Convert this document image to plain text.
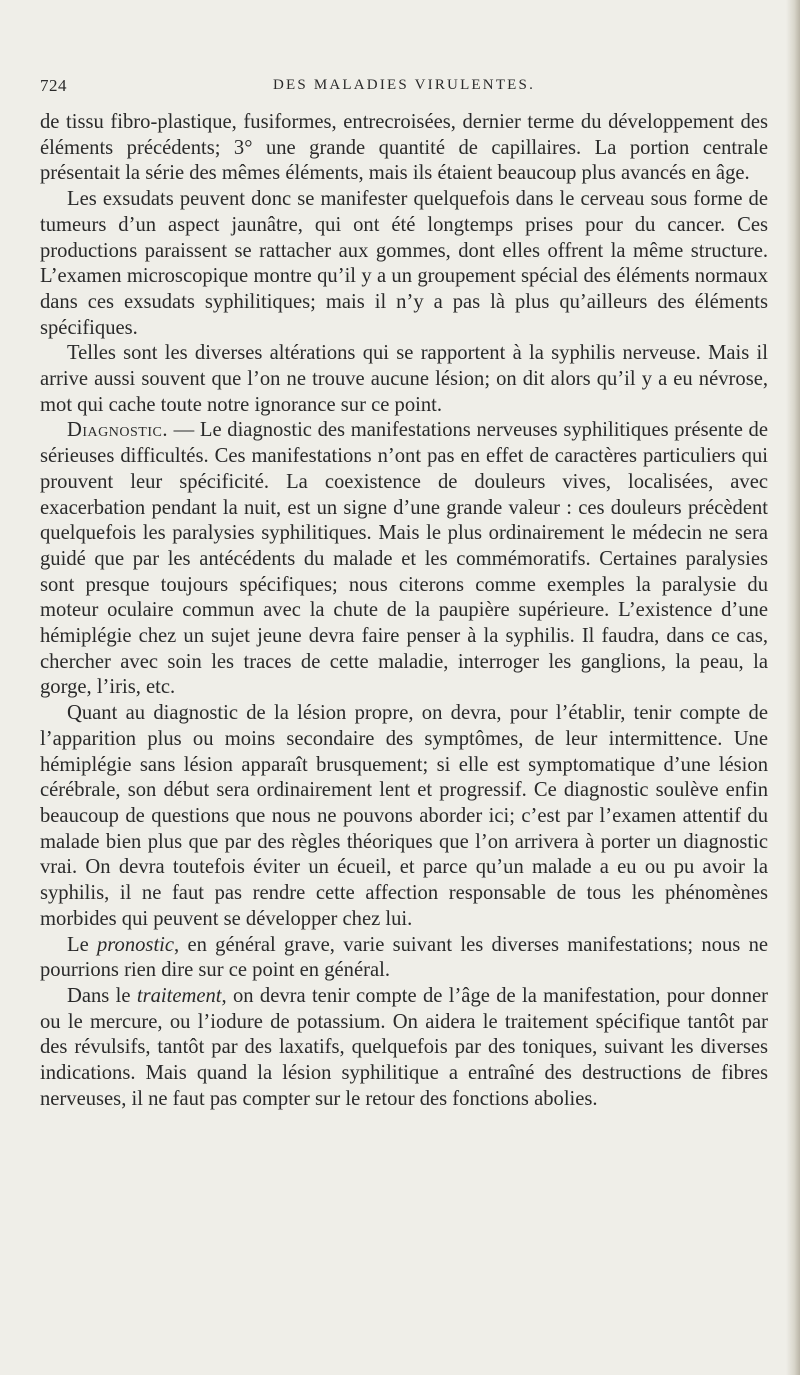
724	DES MALADIES VIRULENTES.

de tissu fibro-plastique, fusiformes, entrecroisées, dernier terme du développement des éléments précédents; 3° une grande quantité de capillaires. La portion centrale présentait la série des mêmes éléments, mais ils étaient beaucoup plus avancés en âge.

Les exsudats peuvent donc se manifester quelquefois dans le cerveau sous forme de tumeurs d’un aspect jaunâtre, qui ont été longtemps prises pour du cancer. Ces productions paraissent se rattacher aux gommes, dont elles offrent la même structure. L’examen microscopique montre qu’il y a un groupement spécial des éléments normaux dans ces exsudats syphilitiques; mais il n’y a pas là plus qu’ailleurs des éléments spécifiques.

Telles sont les diverses altérations qui se rapportent à la syphilis nerveuse. Mais il arrive aussi souvent que l’on ne trouve aucune lésion; on dit alors qu’il y a eu névrose, mot qui cache toute notre ignorance sur ce point.

Diagnostic. — Le diagnostic des manifestations nerveuses syphilitiques présente de sérieuses difficultés. Ces manifestations n’ont pas en effet de caractères particuliers qui prouvent leur spécificité. La coexistence de douleurs vives, localisées, avec exacerbation pendant la nuit, est un signe d’une grande valeur : ces douleurs précèdent quelquefois les paralysies syphilitiques. Mais le plus ordinairement le médecin ne sera guidé que par les antécédents du malade et les commémoratifs. Certaines paralysies sont presque toujours spécifiques; nous citerons comme exemples la paralysie du moteur oculaire commun avec la chute de la paupière supérieure. L’existence d’une hémiplégie chez un sujet jeune devra faire penser à la syphilis. Il faudra, dans ce cas, chercher avec soin les traces de cette maladie, interroger les ganglions, la peau, la gorge, l’iris, etc.

Quant au diagnostic de la lésion propre, on devra, pour l’établir, tenir compte de l’apparition plus ou moins secondaire des symptômes, de leur intermittence. Une hémiplégie sans lésion apparaît brusquement; si elle est symptomatique d’une lésion cérébrale, son début sera ordinairement lent et progressif. Ce diagnostic soulève enfin beaucoup de questions que nous ne pouvons aborder ici; c’est par l’examen attentif du malade bien plus que par des règles théoriques que l’on arrivera à porter un diagnostic vrai. On devra toutefois éviter un écueil, et parce qu’un malade a eu ou pu avoir la syphilis, il ne faut pas rendre cette affection responsable de tous les phénomènes morbides qui peuvent se développer chez lui.

Le pronostic, en général grave, varie suivant les diverses manifestations; nous ne pourrions rien dire sur ce point en général.

Dans le traitement, on devra tenir compte de l’âge de la manifestation, pour donner ou le mercure, ou l’iodure de potassium. On aidera le traitement spécifique tantôt par des révulsifs, tantôt par des laxatifs, quelquefois par des toniques, suivant les diverses indications. Mais quand la lésion syphilitique a entraîné des destructions de fibres nerveuses, il ne faut pas compter sur le retour des fonctions abolies.
